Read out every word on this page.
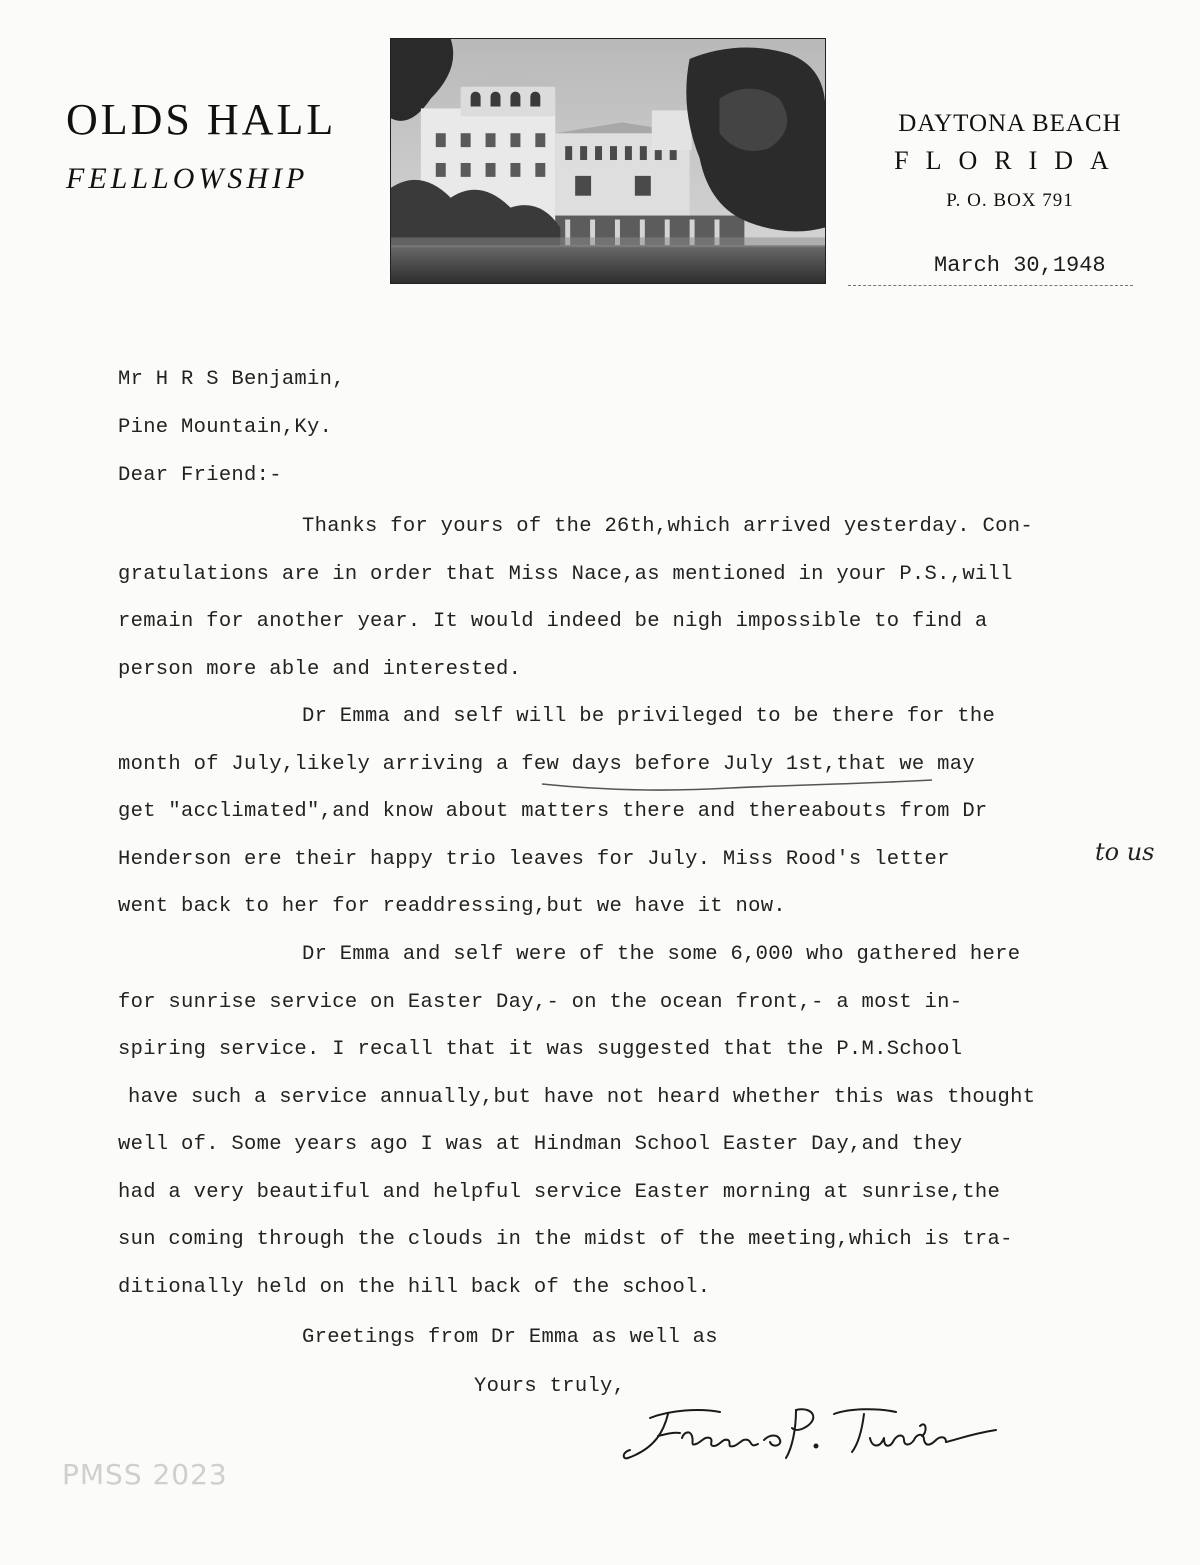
OLDS HALL
FELLLOWSHIP
DAYTONA BEACH
FLORIDA
P. O. BOX 791
March 30,1948
Mr H R S Benjamin,
Pine Mountain,Ky.
Dear Friend:-
Thanks for yours of the 26th,which arrived yesterday. Con-
gratulations are in order that Miss Nace,as mentioned in your P.S.,will
remain for another year. It would indeed be nigh impossible to find a
person more able and interested.
Dr Emma and self will be privileged to be there for the
month of July,likely arriving a few days before July 1st,that we may
get "acclimated",and know about matters there and thereabouts from Dr
Henderson ere their happy trio leaves for July. Miss Rood's letter
went back to her for readdressing,but we have it now.
to us
Dr Emma and self were of the some 6,000 who gathered here
for sunrise service on Easter Day,- on the ocean front,- a most in-
spiring service. I recall that it was suggested that the P.M.School
have such a service annually,but have not heard whether this was thought
well of. Some years ago I was at Hindman School Easter Day,and they
had a very beautiful and helpful service Easter morning at sunrise,the
sun coming through the clouds in the midst of the meeting,which is tra-
ditionally held on the hill back of the school.
Greetings from Dr Emma as well as
Yours truly,
PMSS 2023
